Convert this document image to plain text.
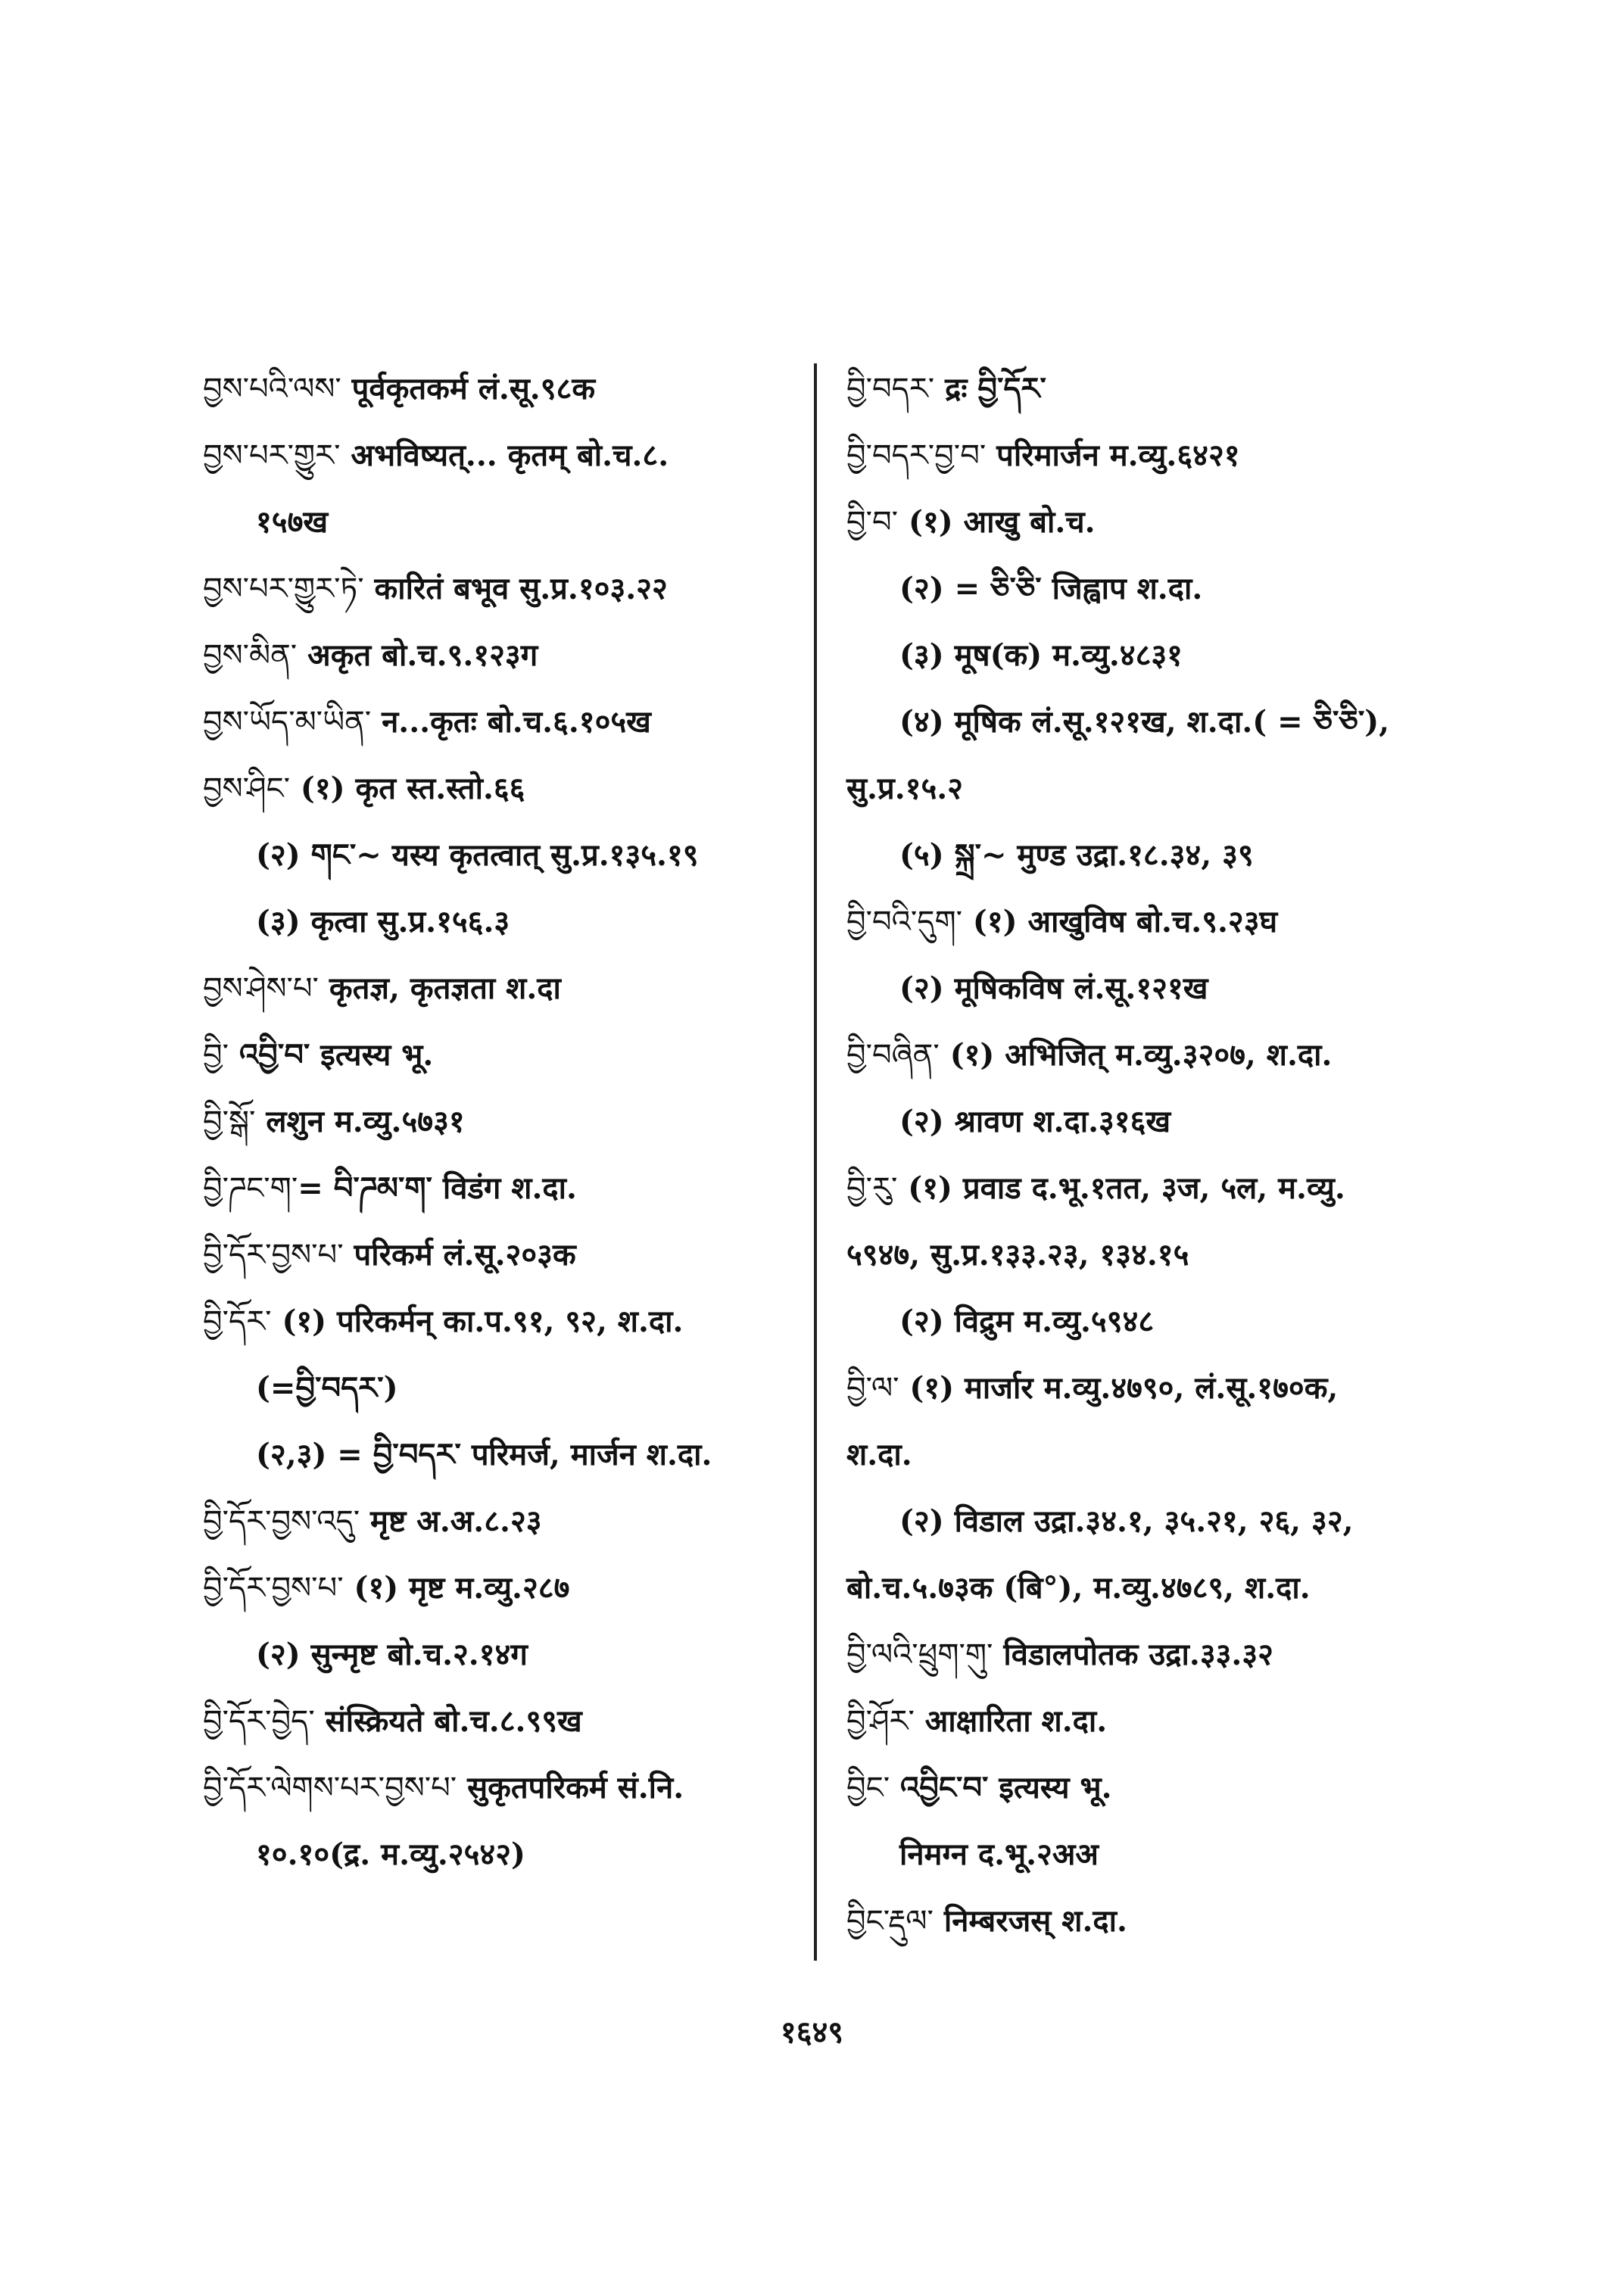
བྱས་པའི་ལས་ पूर्वकृतकर्म लं.सू.९८क
བྱས་པར་གྱུར་ अभविष्यत्... कृतम् बो.च.८.
१५७ख
བྱས་པར་གྱུར་ཏེ་ कारितं बभूव सु.प्र.१०३.२२
བྱས་མིན་ अकृत बो.च.९.१२३ग
བྱས་ཡོད་མ་ཡིན་ न...कृतः बो.च.६.१०५ख
བྱས་ཤིང་ (१) कृत स्त.स्तो.६६
(२) གང་~ यस्य कृतत्वात् सु.प्र.१३५.१९
(३) कृत्वा सु.प्र.१५६.३
བྱས་ཤེས་པ་ कृतज्ञ, कृतज्ञता श.दा
བྱི་ འབྱི་བ་ इत्यस्य भू.
བྱི་སྒོ་ लशुन म.व्यु.५७३१
བྱི་ཌང་ག་= བི་ཌམ་ག་ विडंग श.दा.
བྱི་དོར་བྱས་པ་ परिकर्म लं.सू.२०३क
བྱི་དོར་ (१) परिकर्मन् का.प.९१, ९२, श.दा.
(=བྱི་བདར་)
(२,३) = བྱི་བདར་ परिमर्ज, मार्जन श.दा.
བྱི་དོར་བྱས་འདུ་ मृष्ट अ.अ.८.२३
བྱི་དོར་བྱས་པ་ (१) मृष्ट म.व्यु.२८७
(२) सुन्मृष्ट बो.च.२.१४ग
བྱི་དོར་བྱེད་ संस्क्रियते बो.च.८.९९ख
བྱི་དོར་ལེགས་པར་བྱས་པ་ सुकृतपरिकर्म सं.नि.
१०.१०(द्र. म.व्यु.२५४२)
བྱི་བདར་ द्रः བྱི་དོར་
བྱི་བདར་བྱ་བ་ परिमार्जन म.व्यु.६४२१
བྱི་བ་ (१) आखु बो.च.
(२) = ཅི་ཅི་ जिह्वाप श.दा.
(३) मूष(क) म.व्यु.४८३१
(४) मूषिक लं.सू.१२१ख, श.दा.( = ཅི་ཅི་),
सु.प्र.१५.२
(५) སྐྲ་~ मुण्ड उद्रा.१८.३४, ३९
བྱི་བའི་དུག་ (१) आखुविष बो.च.९.२३घ
(२) मूषिकविष लं.सू.१२१ख
བྱི་བཞིན་ (१) अभिजित् म.व्यु.३२०७, श.दा.
(२) श्रावण श.दा.३१६ख
བྱི་རུ་ (१) प्रवाड द.भू.१तत, ३ज, ५ल, म.व्यु.
५९४७, सु.प्र.१३३.२३, १३४.१५
(२) विद्रुम म.व्यु.५९४८
བྱི་ལ་ (१) मार्जार म.व्यु.४७९०, लं.सू.१७०क,
श.दा.
(२) विडाल उद्रा.३४.१, ३५.२१, २६, ३२,
बो.च.५.७३क (बि°), म.व्यु.४७८९, श.दा.
བྱི་ལའི་ཕྲུག་གུ་ विडालपोतक उद्रा.३३.३२
བྱི་ཤོར་ आक्षारिता श.दा.
བྱིང་ འབྱིང་བ་ इत्यस्य भू.
निमग्न द.भू.२अअ
བྱིང་རྡུལ་ निम्बरजस् श.दा.
१६४९
